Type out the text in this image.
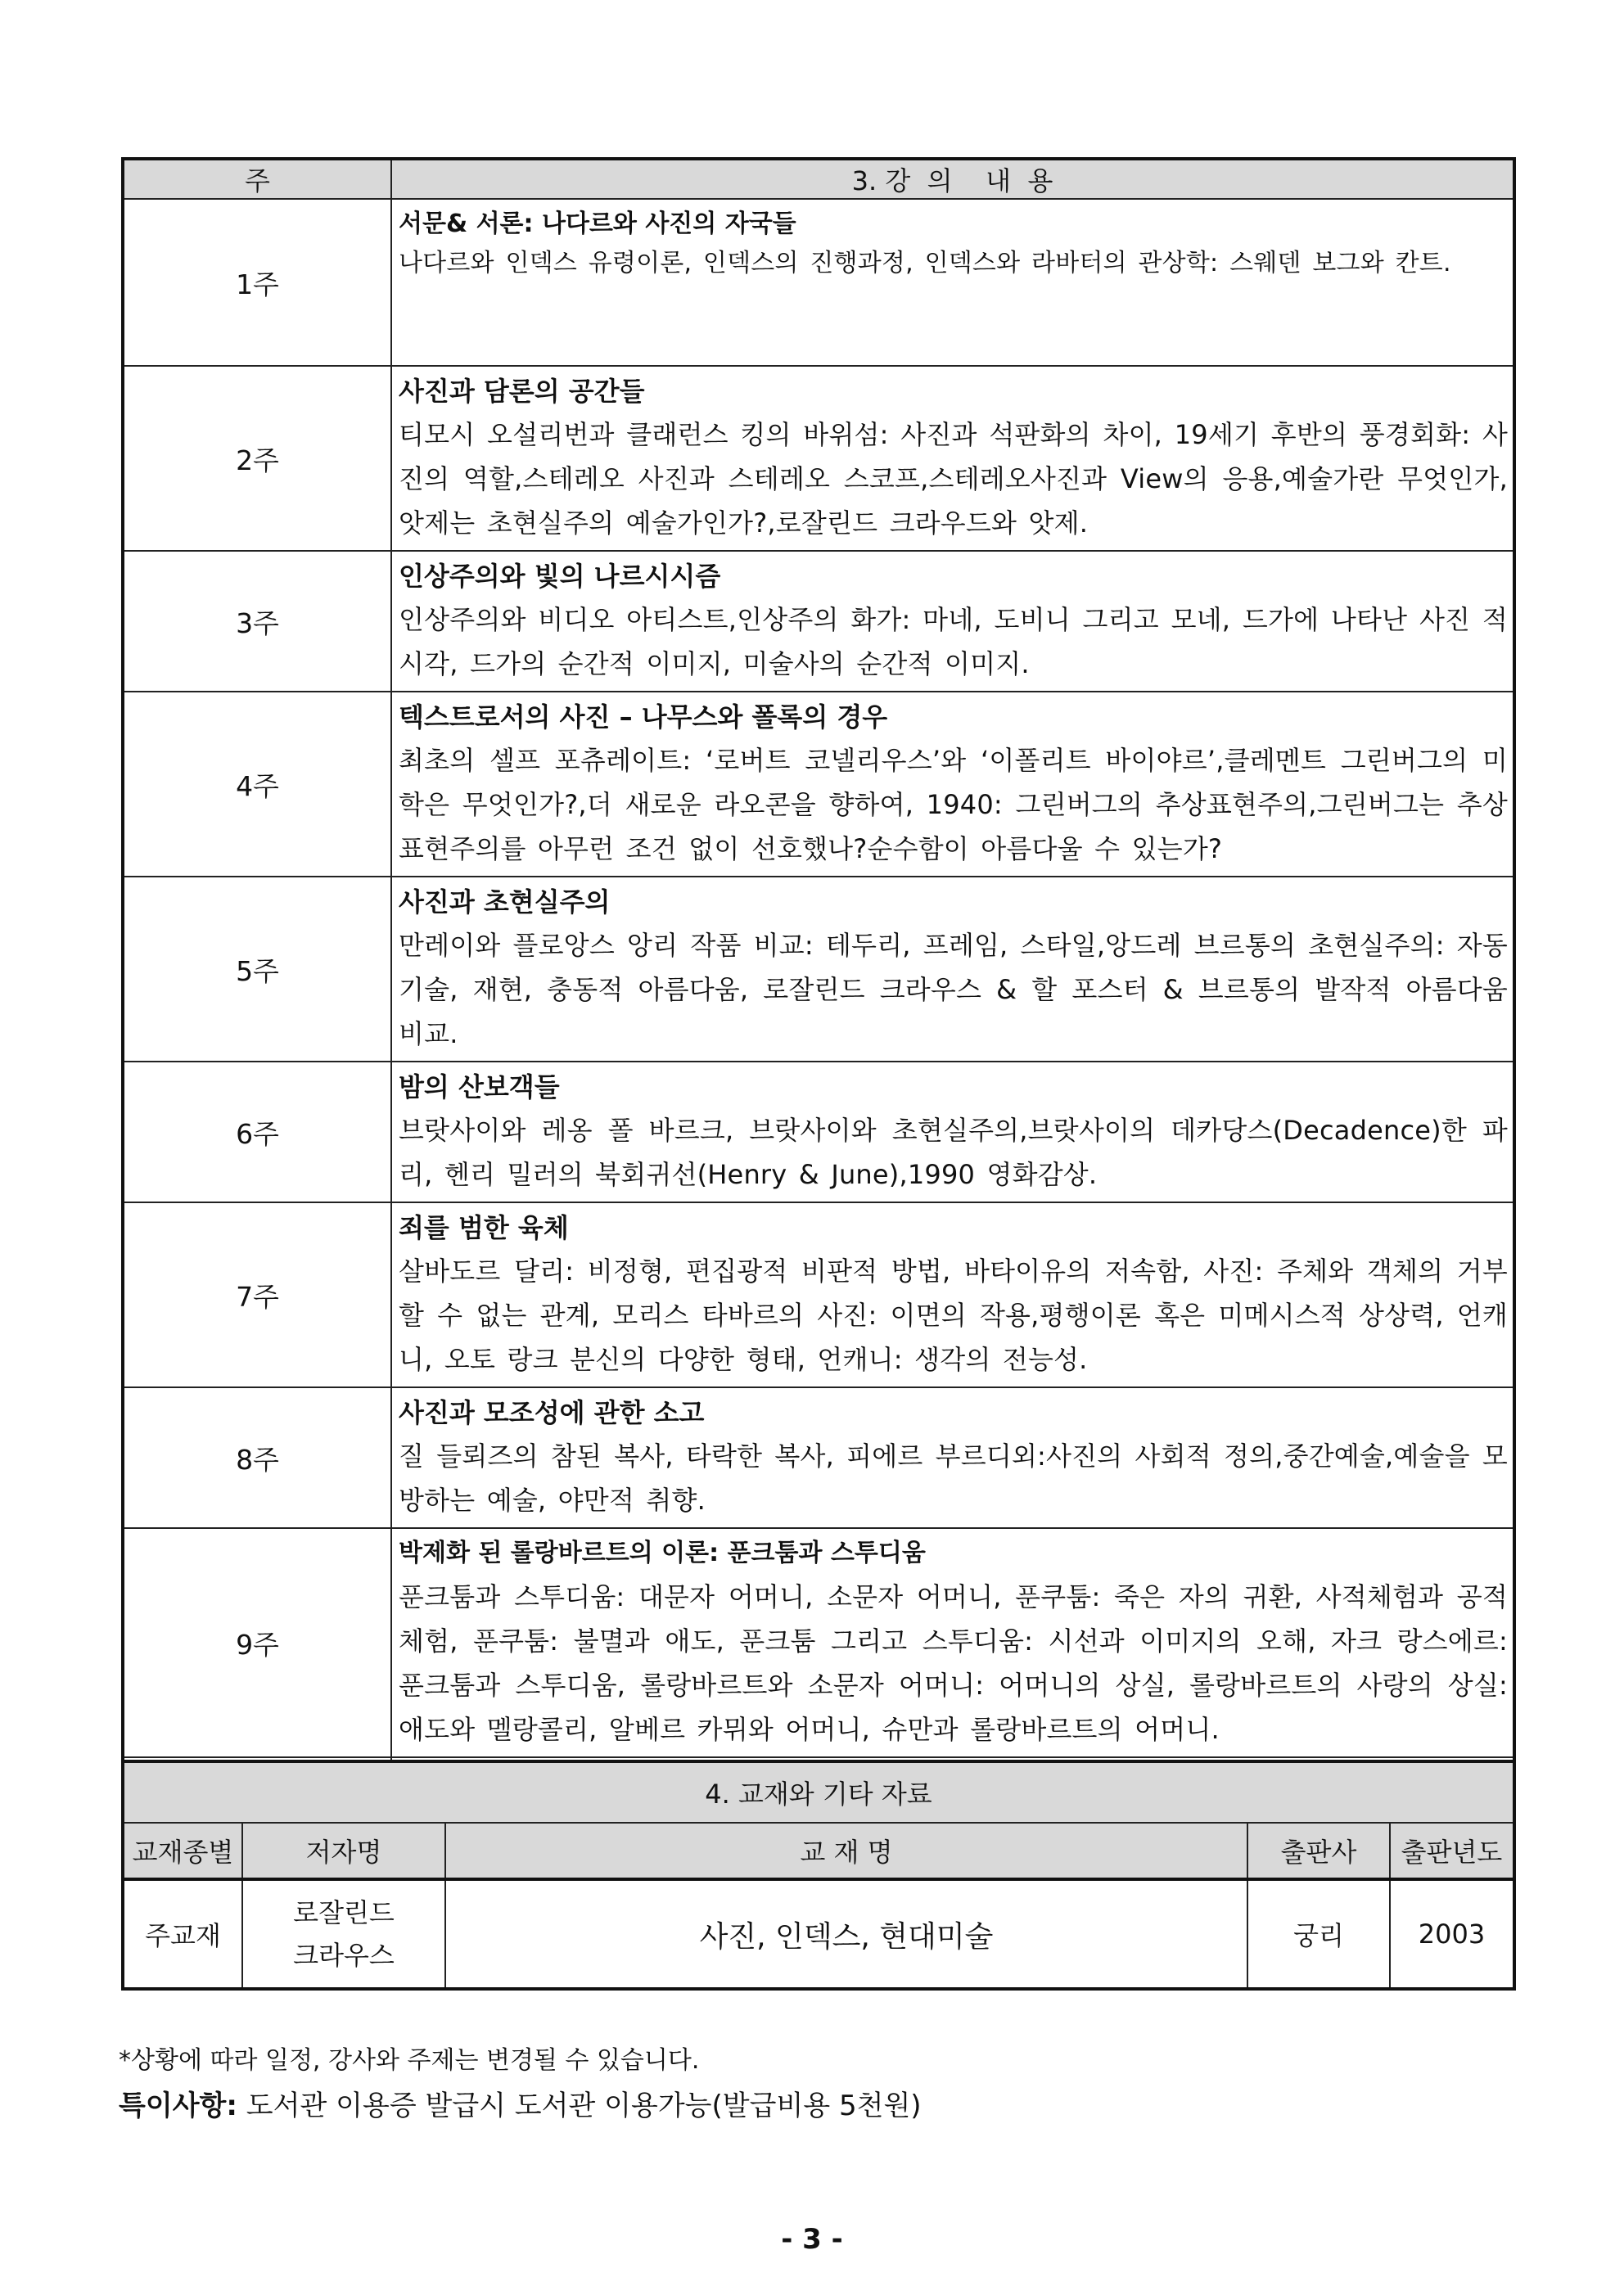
주	3. 강  의    내  용
1주	서문& 서론: 나다르와 사진의 자국들
나다르와 인덱스 유령이론, 인덱스의 진행과정, 인덱스와 라바터의 관상학: 스웨덴 보그와 칸트.

2주	사진과 담론의 공간들
티모시 오설리번과 클래런스 킹의 바위섬: 사진과 석판화의 차이, 19세기 후반의 풍경회화: 사진의 역할,스테레오 사진과 스테레오 스코프,스테레오사진과 View의 응용,예술가란 무엇인가,앗제는 초현실주의 예술가인가?,로잘린드 크라우드와 앗제.

3주	인상주의와 빛의 나르시시즘
인상주의와 비디오 아티스트,인상주의 화가: 마네, 도비니 그리고 모네, 드가에 나타난 사진 적 시각, 드가의 순간적 이미지, 미술사의 순간적 이미지.

4주	텍스트로서의 사진 – 나무스와 폴록의 경우
최초의 셀프 포츄레이트: ‘로버트 코넬리우스’와 ‘이폴리트 바이야르’,클레멘트 그린버그의 미학은 무엇인가?,더 새로운 라오콘을 향하여, 1940: 그린버그의 추상표현주의,그린버그는 추상 표현주의를 아무런 조건 없이 선호했나?순수함이 아름다울 수 있는가?

5주	사진과 초현실주의
만레이와 플로앙스 앙리 작품 비교: 테두리, 프레임, 스타일,앙드레 브르통의 초현실주의: 자동기술, 재현, 충동적 아름다움, 로잘린드 크라우스 & 할 포스터 & 브르통의 발작적 아름다움 비교.

6주	밤의 산보객들
브랏사이와 레옹 폴 바르크, 브랏사이와 초현실주의,브랏사이의 데카당스(Decadence)한 파리, 헨리 밀러의 북회귀선(Henry & June),1990 영화감상.

7주	죄를 범한 육체
살바도르 달리: 비정형, 편집광적 비판적 방법, 바타이유의 저속함, 사진: 주체와 객체의 거부할 수 없는 관계, 모리스 타바르의 사진: 이면의 작용,평행이론 혹은 미메시스적 상상력, 언캐니, 오토 랑크 분신의 다양한 형태, 언캐니: 생각의 전능성.

8주	사진과 모조성에 관한 소고
질 들뢰즈의 참된 복사, 타락한 복사, 피에르 부르디외:사진의 사회적 정의,중간예술,예술을 모방하는 예술, 야만적 취향.

9주	박제화 된 롤랑바르트의 이론: 푼크툼과 스투디움
푼크툼과 스투디움: 대문자 어머니, 소문자 어머니, 푼쿠툼: 죽은 자의 귀환, 사적체험과 공적체험, 푼쿠툼: 불멸과 애도, 푼크툼 그리고 스투디움: 시선과 이미지의 오해, 자크 랑스에르: 푼크툼과 스투디움, 롤랑바르트와 소문자 어머니: 어머니의 상실, 롤랑바르트의 사랑의 상실: 애도와 멜랑콜리, 알베르 카뮈와 어머니, 슈만과 롤랑바르트의 어머니.

4. 교재와 기타 자료				
교재종별	저자명	교 재 명	출판사	출판년도
주교재	로잘린드
크라우스	사진, 인덱스, 현대미술	궁리	2003
*상황에 따라 일정, 강사와 주제는 변경될 수 있습니다.
특이사항: 도서관 이용증 발급시 도서관 이용가능(발급비용 5천원)
- 3 -
